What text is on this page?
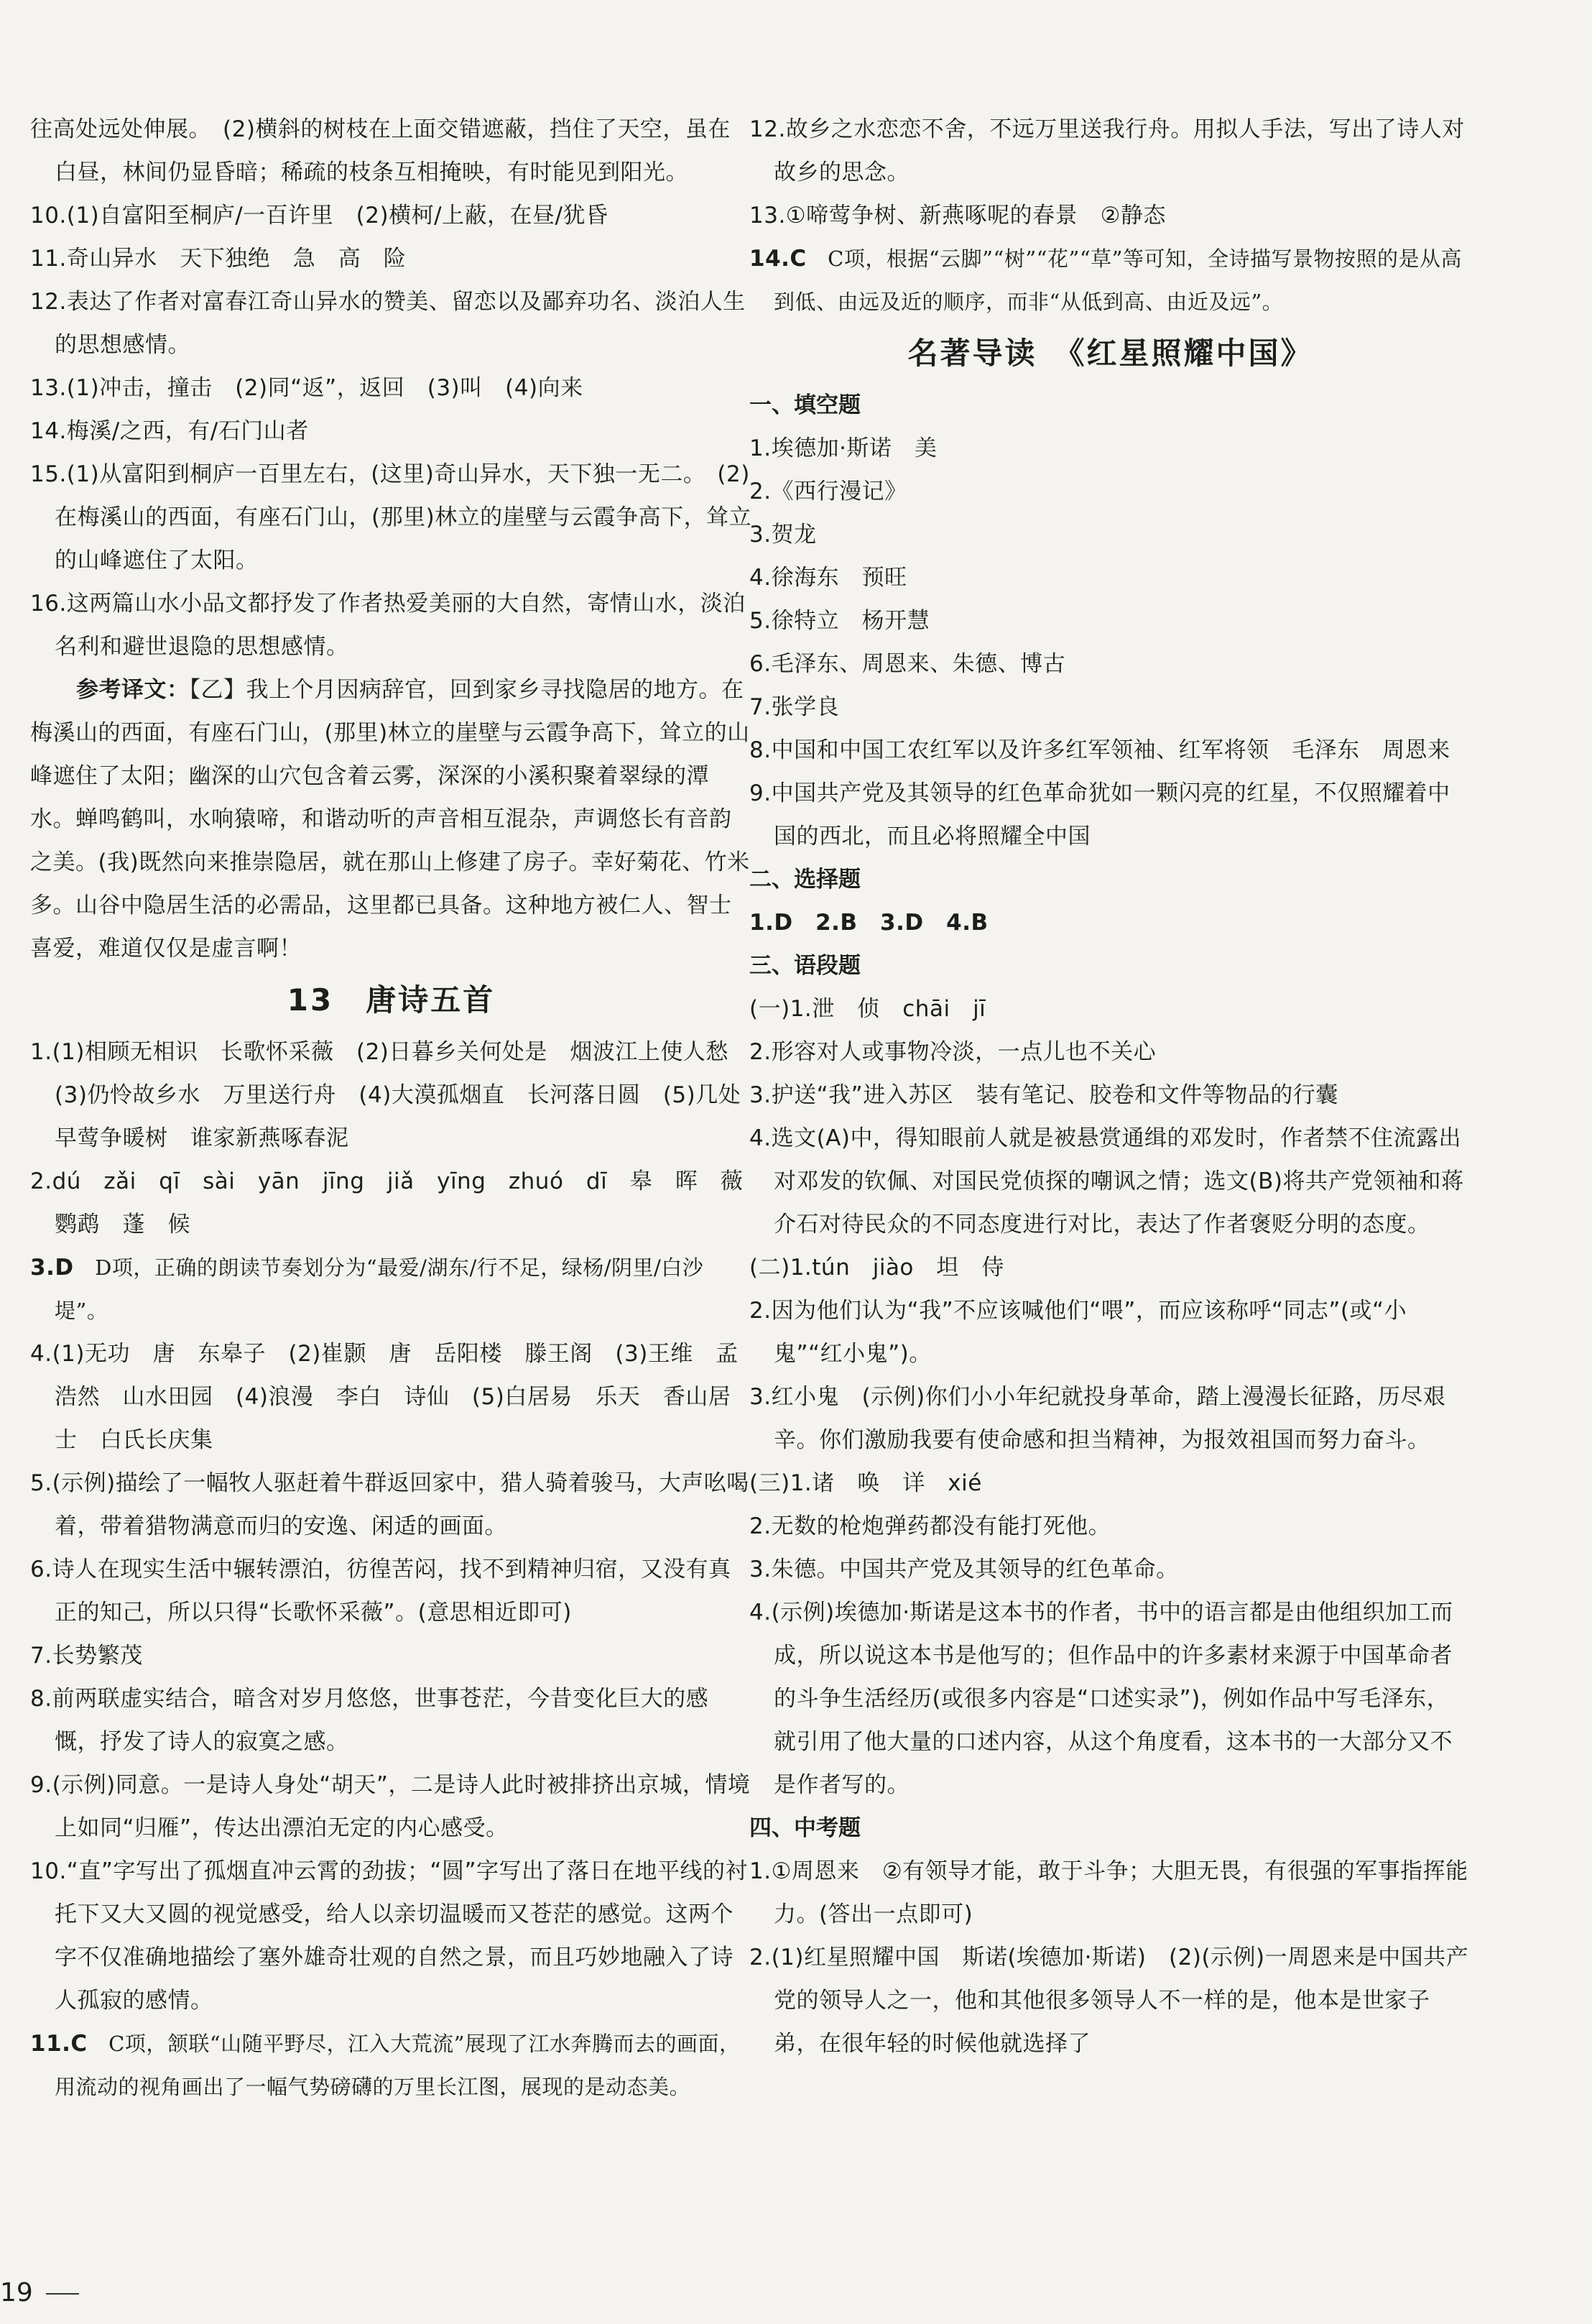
往高处远处伸展。　(2)横斜的树枝在上面交错遮蔽，挡住了天空，虽在白昼，林间仍显昏暗；稀疏的枝条互相掩映，有时能见到阳光。

10.(1)自富阳至桐庐/一百许里　(2)横柯/上蔽，在昼/犹昏

11.奇山异水　天下独绝　急　高　险

12.表达了作者对富春江奇山异水的赞美、留恋以及鄙弃功名、淡泊人生的思想感情。

13.(1)冲击，撞击　(2)同“返”，返回　(3)叫　(4)向来

14.梅溪/之西，有/石门山者

15.(1)从富阳到桐庐一百里左右，(这里)奇山异水，天下独一无二。　(2)在梅溪山的西面，有座石门山，(那里)林立的崖壁与云霞争高下，耸立的山峰遮住了太阳。

16.这两篇山水小品文都抒发了作者热爱美丽的大自然，寄情山水，淡泊名利和避世退隐的思想感情。

参考译文：【乙】我上个月因病辞官，回到家乡寻找隐居的地方。在梅溪山的西面，有座石门山，(那里)林立的崖壁与云霞争高下，耸立的山峰遮住了太阳；幽深的山穴包含着云雾，深深的小溪积聚着翠绿的潭水。蝉鸣鹤叫，水响猿啼，和谐动听的声音相互混杂，声调悠长有音韵之美。(我)既然向来推崇隐居，就在那山上修建了房子。幸好菊花、竹米多。山谷中隐居生活的必需品，这里都已具备。这种地方被仁人、智士喜爱，难道仅仅是虚言啊！

13　唐诗五首

1.(1)相顾无相识　长歌怀采薇　(2)日暮乡关何处是　烟波江上使人愁　(3)仍怜故乡水　万里送行舟　(4)大漠孤烟直　长河落日圆　(5)几处早莺争暖树　谁家新燕啄春泥

2.dú　zǎi　qī　sài　yān　jīng　jiǎ　yīng　zhuó　dī　皋　晖　薇　鹦鹉　蓬　候

3.D　D项，正确的朗读节奏划分为“最爱/湖东/行不足，绿杨/阴里/白沙堤”。

4.(1)无功　唐　东皋子　(2)崔颢　唐　岳阳楼　滕王阁　(3)王维　孟浩然　山水田园　(4)浪漫　李白　诗仙　(5)白居易　乐天　香山居士　白氏长庆集

5.(示例)描绘了一幅牧人驱赶着牛群返回家中，猎人骑着骏马，大声吆喝着，带着猎物满意而归的安逸、闲适的画面。

6.诗人在现实生活中辗转漂泊，彷徨苦闷，找不到精神归宿，又没有真正的知己，所以只得“长歌怀采薇”。(意思相近即可)

7.长势繁茂

8.前两联虚实结合，暗含对岁月悠悠，世事苍茫，今昔变化巨大的感慨，抒发了诗人的寂寞之感。

9.(示例)同意。一是诗人身处“胡天”，二是诗人此时被排挤出京城，情境上如同“归雁”，传达出漂泊无定的内心感受。

10.“直”字写出了孤烟直冲云霄的劲拔；“圆”字写出了落日在地平线的衬托下又大又圆的视觉感受，给人以亲切温暖而又苍茫的感觉。这两个字不仅准确地描绘了塞外雄奇壮观的自然之景，而且巧妙地融入了诗人孤寂的感情。

11.C　C项，颔联“山随平野尽，江入大荒流”展现了江水奔腾而去的画面，用流动的视角画出了一幅气势磅礴的万里长江图，展现的是动态美。

12.故乡之水恋恋不舍，不远万里送我行舟。用拟人手法，写出了诗人对故乡的思念。

13.①啼莺争树、新燕啄呢的春景　②静态

14.C　C项，根据“云脚”“树”“花”“草”等可知，全诗描写景物按照的是从高到低、由远及近的顺序，而非“从低到高、由近及远”。

名著导读　《红星照耀中国》
一、填空题

1.埃德加·斯诺　美

2.《西行漫记》

3.贺龙

4.徐海东　预旺

5.徐特立　杨开慧

6.毛泽东、周恩来、朱德、博古

7.张学良

8.中国和中国工农红军以及许多红军领袖、红军将领　毛泽东　周恩来

9.中国共产党及其领导的红色革命犹如一颗闪亮的红星，不仅照耀着中国的西北，而且必将照耀全中国

二、选择题

1.D　2.B　3.D　4.B

三、语段题

(一)1.泄　侦　chāi　jī

2.形容对人或事物冷淡，一点儿也不关心

3.护送“我”进入苏区　装有笔记、胶卷和文件等物品的行囊

4.选文(A)中，得知眼前人就是被悬赏通缉的邓发时，作者禁不住流露出对邓发的钦佩、对国民党侦探的嘲讽之情；选文(B)将共产党领袖和蒋介石对待民众的不同态度进行对比，表达了作者褒贬分明的态度。

(二)1.tún　jiào　坦　侍

2.因为他们认为“我”不应该喊他们“喂”，而应该称呼“同志”(或“小鬼”“红小鬼”)。

3.红小鬼　(示例)你们小小年纪就投身革命，踏上漫漫长征路，历尽艰辛。你们激励我要有使命感和担当精神，为报效祖国而努力奋斗。

(三)1.诸　唤　详　xié

2.无数的枪炮弹药都没有能打死他。

3.朱德。中国共产党及其领导的红色革命。

4.(示例)埃德加·斯诺是这本书的作者，书中的语言都是由他组织加工而成，所以说这本书是他写的；但作品中的许多素材来源于中国革命者的斗争生活经历(或很多内容是“口述实录”)，例如作品中写毛泽东，就引用了他大量的口述内容，从这个角度看，这本书的一大部分又不是作者写的。

四、中考题

1.①周恩来　②有领导才能，敢于斗争；大胆无畏，有很强的军事指挥能力。(答出一点即可)

2.(1)红星照耀中国　斯诺(埃德加·斯诺)　(2)(示例)一周恩来是中国共产党的领导人之一，他和其他很多领导人不一样的是，他本是世家子弟，在很年轻的时候他就选择了

19
